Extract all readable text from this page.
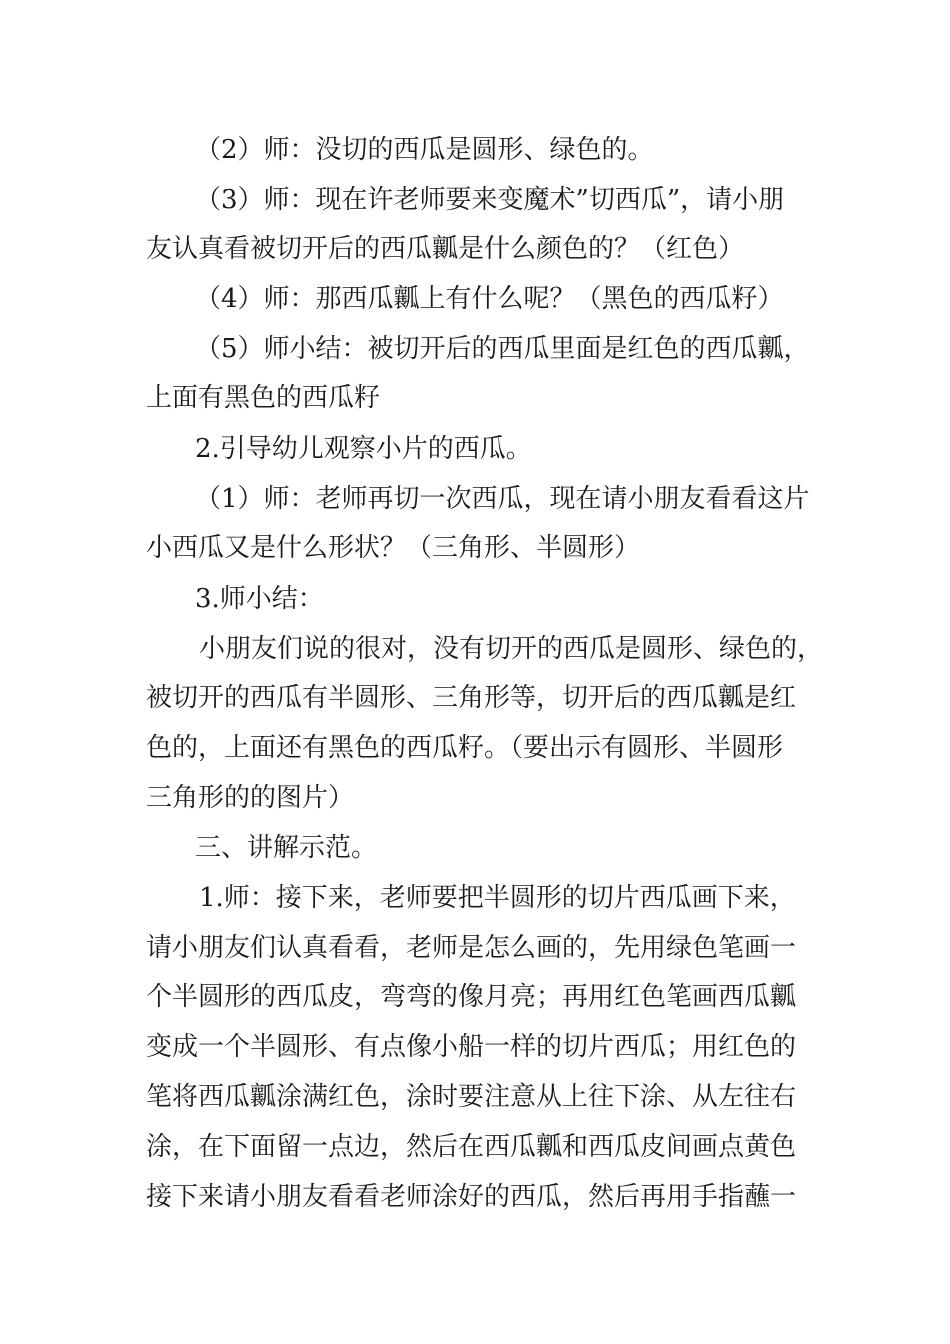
（2）师：没切的西瓜是圆形、绿色的。
（3）师：现在许老师要来变魔术”切西瓜”，请小朋
友认真看被切开后的西瓜瓤是什么颜色的？（红色）
（4）师：那西瓜瓤上有什么呢？（黑色的西瓜籽）
（5）师小结：被切开后的西瓜里面是红色的西瓜瓤，
上面有黑色的西瓜籽
2.引导幼儿观察小片的西瓜。
（1）师：老师再切一次西瓜，现在请小朋友看看这片
小西瓜又是什么形状？（三角形、半圆形）
3.师小结：
小朋友们说的很对，没有切开的西瓜是圆形、绿色的，
被切开的西瓜有半圆形、三角形等，切开后的西瓜瓤是红
色的，上面还有黑色的西瓜籽。（要出示有圆形、半圆形
三角形的的图片）
三、讲解示范。
1.师：接下来，老师要把半圆形的切片西瓜画下来，
请小朋友们认真看看，老师是怎么画的，先用绿色笔画一
个半圆形的西瓜皮，弯弯的像月亮；再用红色笔画西瓜瓤
变成一个半圆形、有点像小船一样的切片西瓜；用红色的
笔将西瓜瓤涂满红色，涂时要注意从上往下涂、从左往右
涂，在下面留一点边，然后在西瓜瓤和西瓜皮间画点黄色
接下来请小朋友看看老师涂好的西瓜，然后再用手指蘸一
